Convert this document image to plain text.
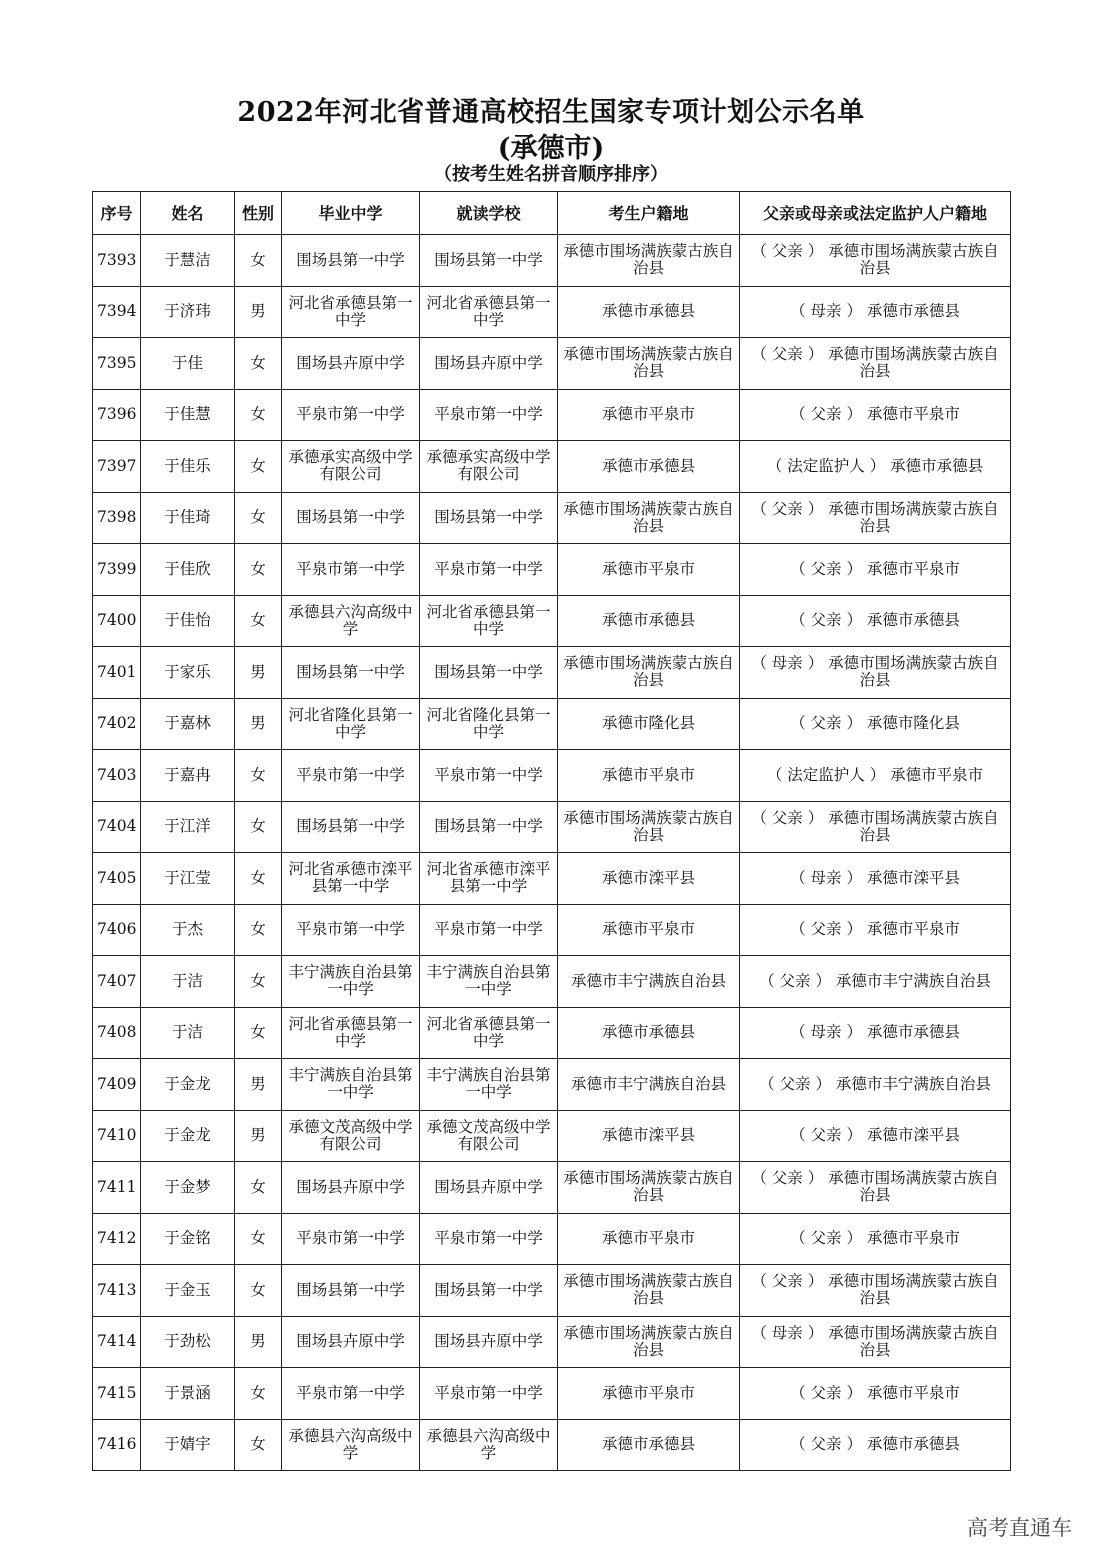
2022年河北省普通高校招生国家专项计划公示名单
(承德市)
（按考生姓名拼音顺序排序）
序号	姓名	性别	毕业中学	就读学校	考生户籍地	父亲或母亲或法定监护人户籍地
7393	于慧洁	女	围场县第一中学	围场县第一中学	承德市围场满族蒙古族自治县	（ 父亲 ） 承德市围场满族蒙古族自治县
7394	于济玮	男	河北省承德县第一中学	河北省承德县第一中学	承德市承德县	（ 母亲 ） 承德市承德县
7395	于佳	女	围场县卉原中学	围场县卉原中学	承德市围场满族蒙古族自治县	（ 父亲 ） 承德市围场满族蒙古族自治县
7396	于佳慧	女	平泉市第一中学	平泉市第一中学	承德市平泉市	（ 父亲 ） 承德市平泉市
7397	于佳乐	女	承德承实高级中学有限公司	承德承实高级中学有限公司	承德市承德县	（ 法定监护人 ） 承德市承德县
7398	于佳琦	女	围场县第一中学	围场县第一中学	承德市围场满族蒙古族自治县	（ 父亲 ） 承德市围场满族蒙古族自治县
7399	于佳欣	女	平泉市第一中学	平泉市第一中学	承德市平泉市	（ 父亲 ） 承德市平泉市
7400	于佳怡	女	承德县六沟高级中学	河北省承德县第一中学	承德市承德县	（ 父亲 ） 承德市承德县
7401	于家乐	男	围场县第一中学	围场县第一中学	承德市围场满族蒙古族自治县	（ 母亲 ） 承德市围场满族蒙古族自治县
7402	于嘉林	男	河北省隆化县第一中学	河北省隆化县第一中学	承德市隆化县	（ 父亲 ） 承德市隆化县
7403	于嘉冉	女	平泉市第一中学	平泉市第一中学	承德市平泉市	（ 法定监护人 ） 承德市平泉市
7404	于江洋	女	围场县第一中学	围场县第一中学	承德市围场满族蒙古族自治县	（ 父亲 ） 承德市围场满族蒙古族自治县
7405	于江莹	女	河北省承德市滦平县第一中学	河北省承德市滦平县第一中学	承德市滦平县	（ 母亲 ） 承德市滦平县
7406	于杰	女	平泉市第一中学	平泉市第一中学	承德市平泉市	（ 父亲 ） 承德市平泉市
7407	于洁	女	丰宁满族自治县第一中学	丰宁满族自治县第一中学	承德市丰宁满族自治县	（ 父亲 ） 承德市丰宁满族自治县
7408	于洁	女	河北省承德县第一中学	河北省承德县第一中学	承德市承德县	（ 母亲 ） 承德市承德县
7409	于金龙	男	丰宁满族自治县第一中学	丰宁满族自治县第一中学	承德市丰宁满族自治县	（ 父亲 ） 承德市丰宁满族自治县
7410	于金龙	男	承德文茂高级中学有限公司	承德文茂高级中学有限公司	承德市滦平县	（ 父亲 ） 承德市滦平县
7411	于金梦	女	围场县卉原中学	围场县卉原中学	承德市围场满族蒙古族自治县	（ 父亲 ） 承德市围场满族蒙古族自治县
7412	于金铭	女	平泉市第一中学	平泉市第一中学	承德市平泉市	（ 父亲 ） 承德市平泉市
7413	于金玉	女	围场县第一中学	围场县第一中学	承德市围场满族蒙古族自治县	（ 父亲 ） 承德市围场满族蒙古族自治县
7414	于劲松	男	围场县卉原中学	围场县卉原中学	承德市围场满族蒙古族自治县	（ 母亲 ） 承德市围场满族蒙古族自治县
7415	于景涵	女	平泉市第一中学	平泉市第一中学	承德市平泉市	（ 父亲 ） 承德市平泉市
7416	于婧宇	女	承德县六沟高级中学	承德县六沟高级中学	承德市承德县	（ 父亲 ） 承德市承德县
高考直通车
